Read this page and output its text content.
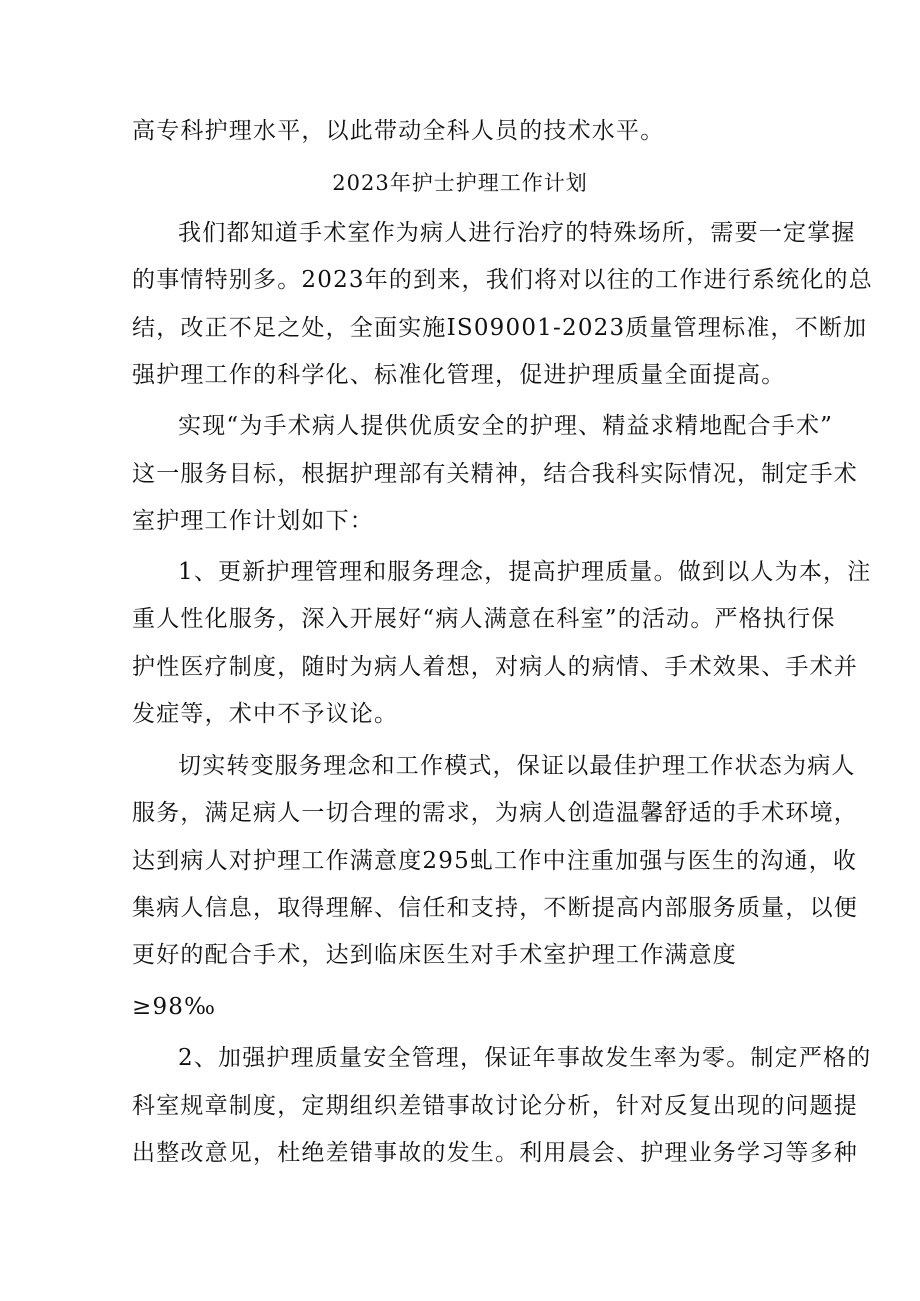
高专科护理水平，以此带动全科人员的技术水平。
2023年护士护理工作计划
我们都知道手术室作为病人进行治疗的特殊场所，需要一定掌握
的事情特别多。2023年的到来，我们将对以往的工作进行系统化的总
结，改正不足之处，全面实施IS09001-2023质量管理标准，不断加
强护理工作的科学化、标准化管理，促进护理质量全面提高。
实现“为手术病人提供优质安全的护理、精益求精地配合手术”
这一服务目标，根据护理部有关精神，结合我科实际情况，制定手术
室护理工作计划如下：
1、更新护理管理和服务理念，提高护理质量。做到以人为本，注
重人性化服务，深入开展好“病人满意在科室”的活动。严格执行保
护性医疗制度，随时为病人着想，对病人的病情、手术效果、手术并
发症等，术中不予议论。
切实转变服务理念和工作模式，保证以最佳护理工作状态为病人
服务，满足病人一切合理的需求，为病人创造温馨舒适的手术环境，
达到病人对护理工作满意度295虬工作中注重加强与医生的沟通，收
集病人信息，取得理解、信任和支持，不断提高内部服务质量，以便
更好的配合手术，达到临床医生对手术室护理工作满意度
≥98‰
2、加强护理质量安全管理，保证年事故发生率为零。制定严格的
科室规章制度，定期组织差错事故讨论分析，针对反复出现的问题提
出整改意见，杜绝差错事故的发生。利用晨会、护理业务学习等多种
